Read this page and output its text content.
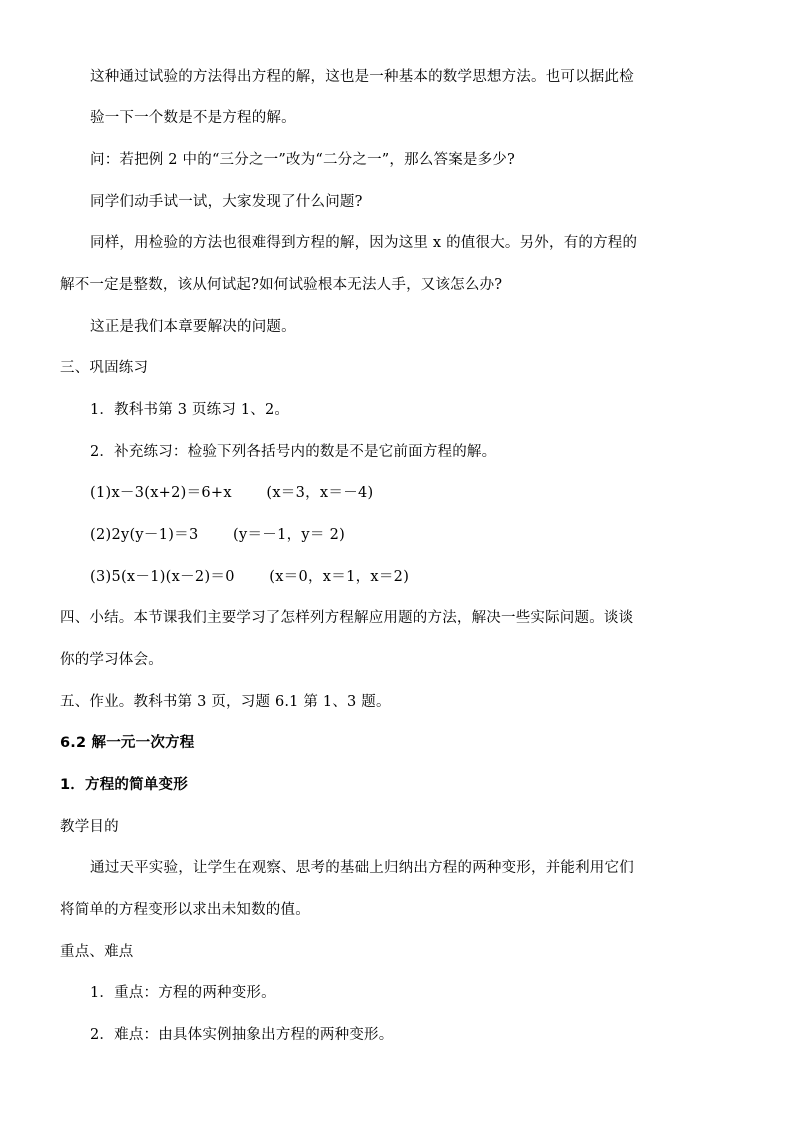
这种通过试验的方法得出方程的解，这也是一种基本的数学思想方法。也可以据此检
验一下一个数是不是方程的解。
问：若把例 2 中的“三分之一”改为“二分之一”，那么答案是多少?
同学们动手试一试，大家发现了什么问题?
同样，用检验的方法也很难得到方程的解，因为这里 x 的值很大。另外，有的方程的
解不一定是整数，该从何试起?如何试验根本无法人手，又该怎么办?
这正是我们本章要解决的问题。
三、巩固练习
1．教科书第 3 页练习 1、2。
2．补充练习：检验下列各括号内的数是不是它前面方程的解。
(1)x－3(x+2)＝6+x　　 (x＝3，x＝－4)
(2)2y(y－1)＝3　　 (y＝－1，y＝ 2)
(3)5(x－1)(x－2)＝0　　 (x＝0，x＝1，x＝2)
四、小结。本节课我们主要学习了怎样列方程解应用题的方法，解决一些实际问题。谈谈
你的学习体会。
五、作业。教科书第 3 页，习题 6.1 第 1、3 题。
6.2 解一元一次方程
1．方程的简单变形
教学目的
通过天平实验，让学生在观察、思考的基础上归纳出方程的两种变形，并能利用它们
将简单的方程变形以求出未知数的值。
重点、难点
1．重点：方程的两种变形。
2．难点：由具体实例抽象出方程的两种变形。
